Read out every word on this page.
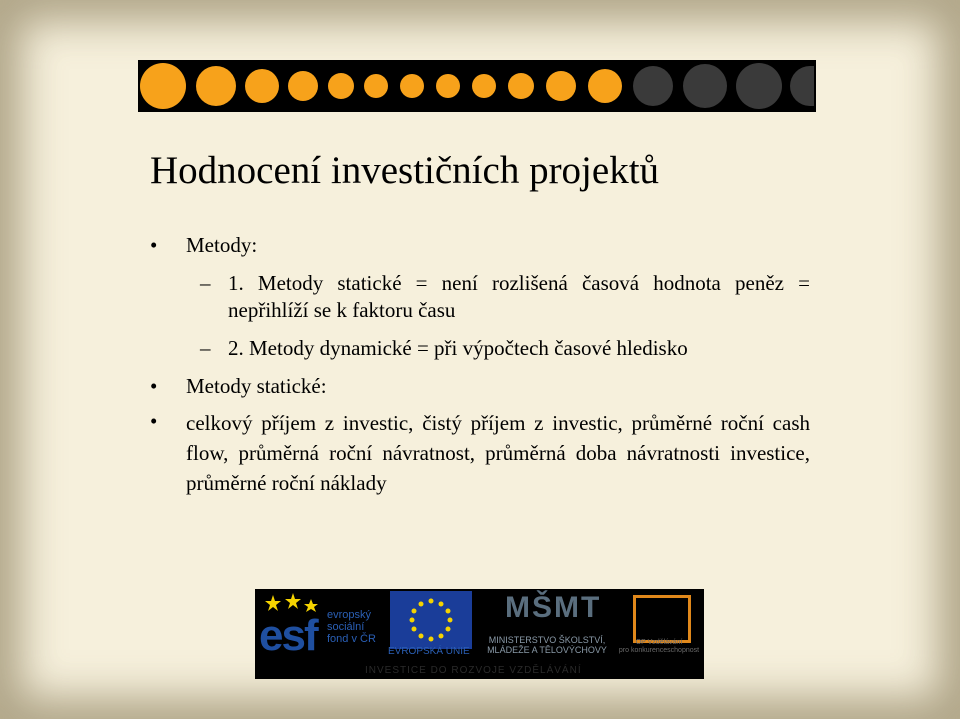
Hodnocení investičních projektů
•	Metody:
– 1. Metody statické = není rozlišená časová hodnota peněz = nepřihlíží se k faktoru času
– 2. Metody dynamické = při výpočtech časové hledisko
•	Metody statické:
•	celkový příjem z investic, čistý příjem z investic, průměrné roční cash flow, průměrná roční návratnost, průměrná doba návratnosti investice, průměrné roční náklady
esf evropský
sociální
fond v ČR
EVROPSKÁ UNIE
MŠMT
MINISTERSTVO ŠKOLSTVÍ,
MLÁDEŽE A TĚLOVÝCHOVY
OP Vzdělávání
pro konkurenceschopnost
INVESTICE DO ROZVOJE VZDĚLÁVÁNÍ
